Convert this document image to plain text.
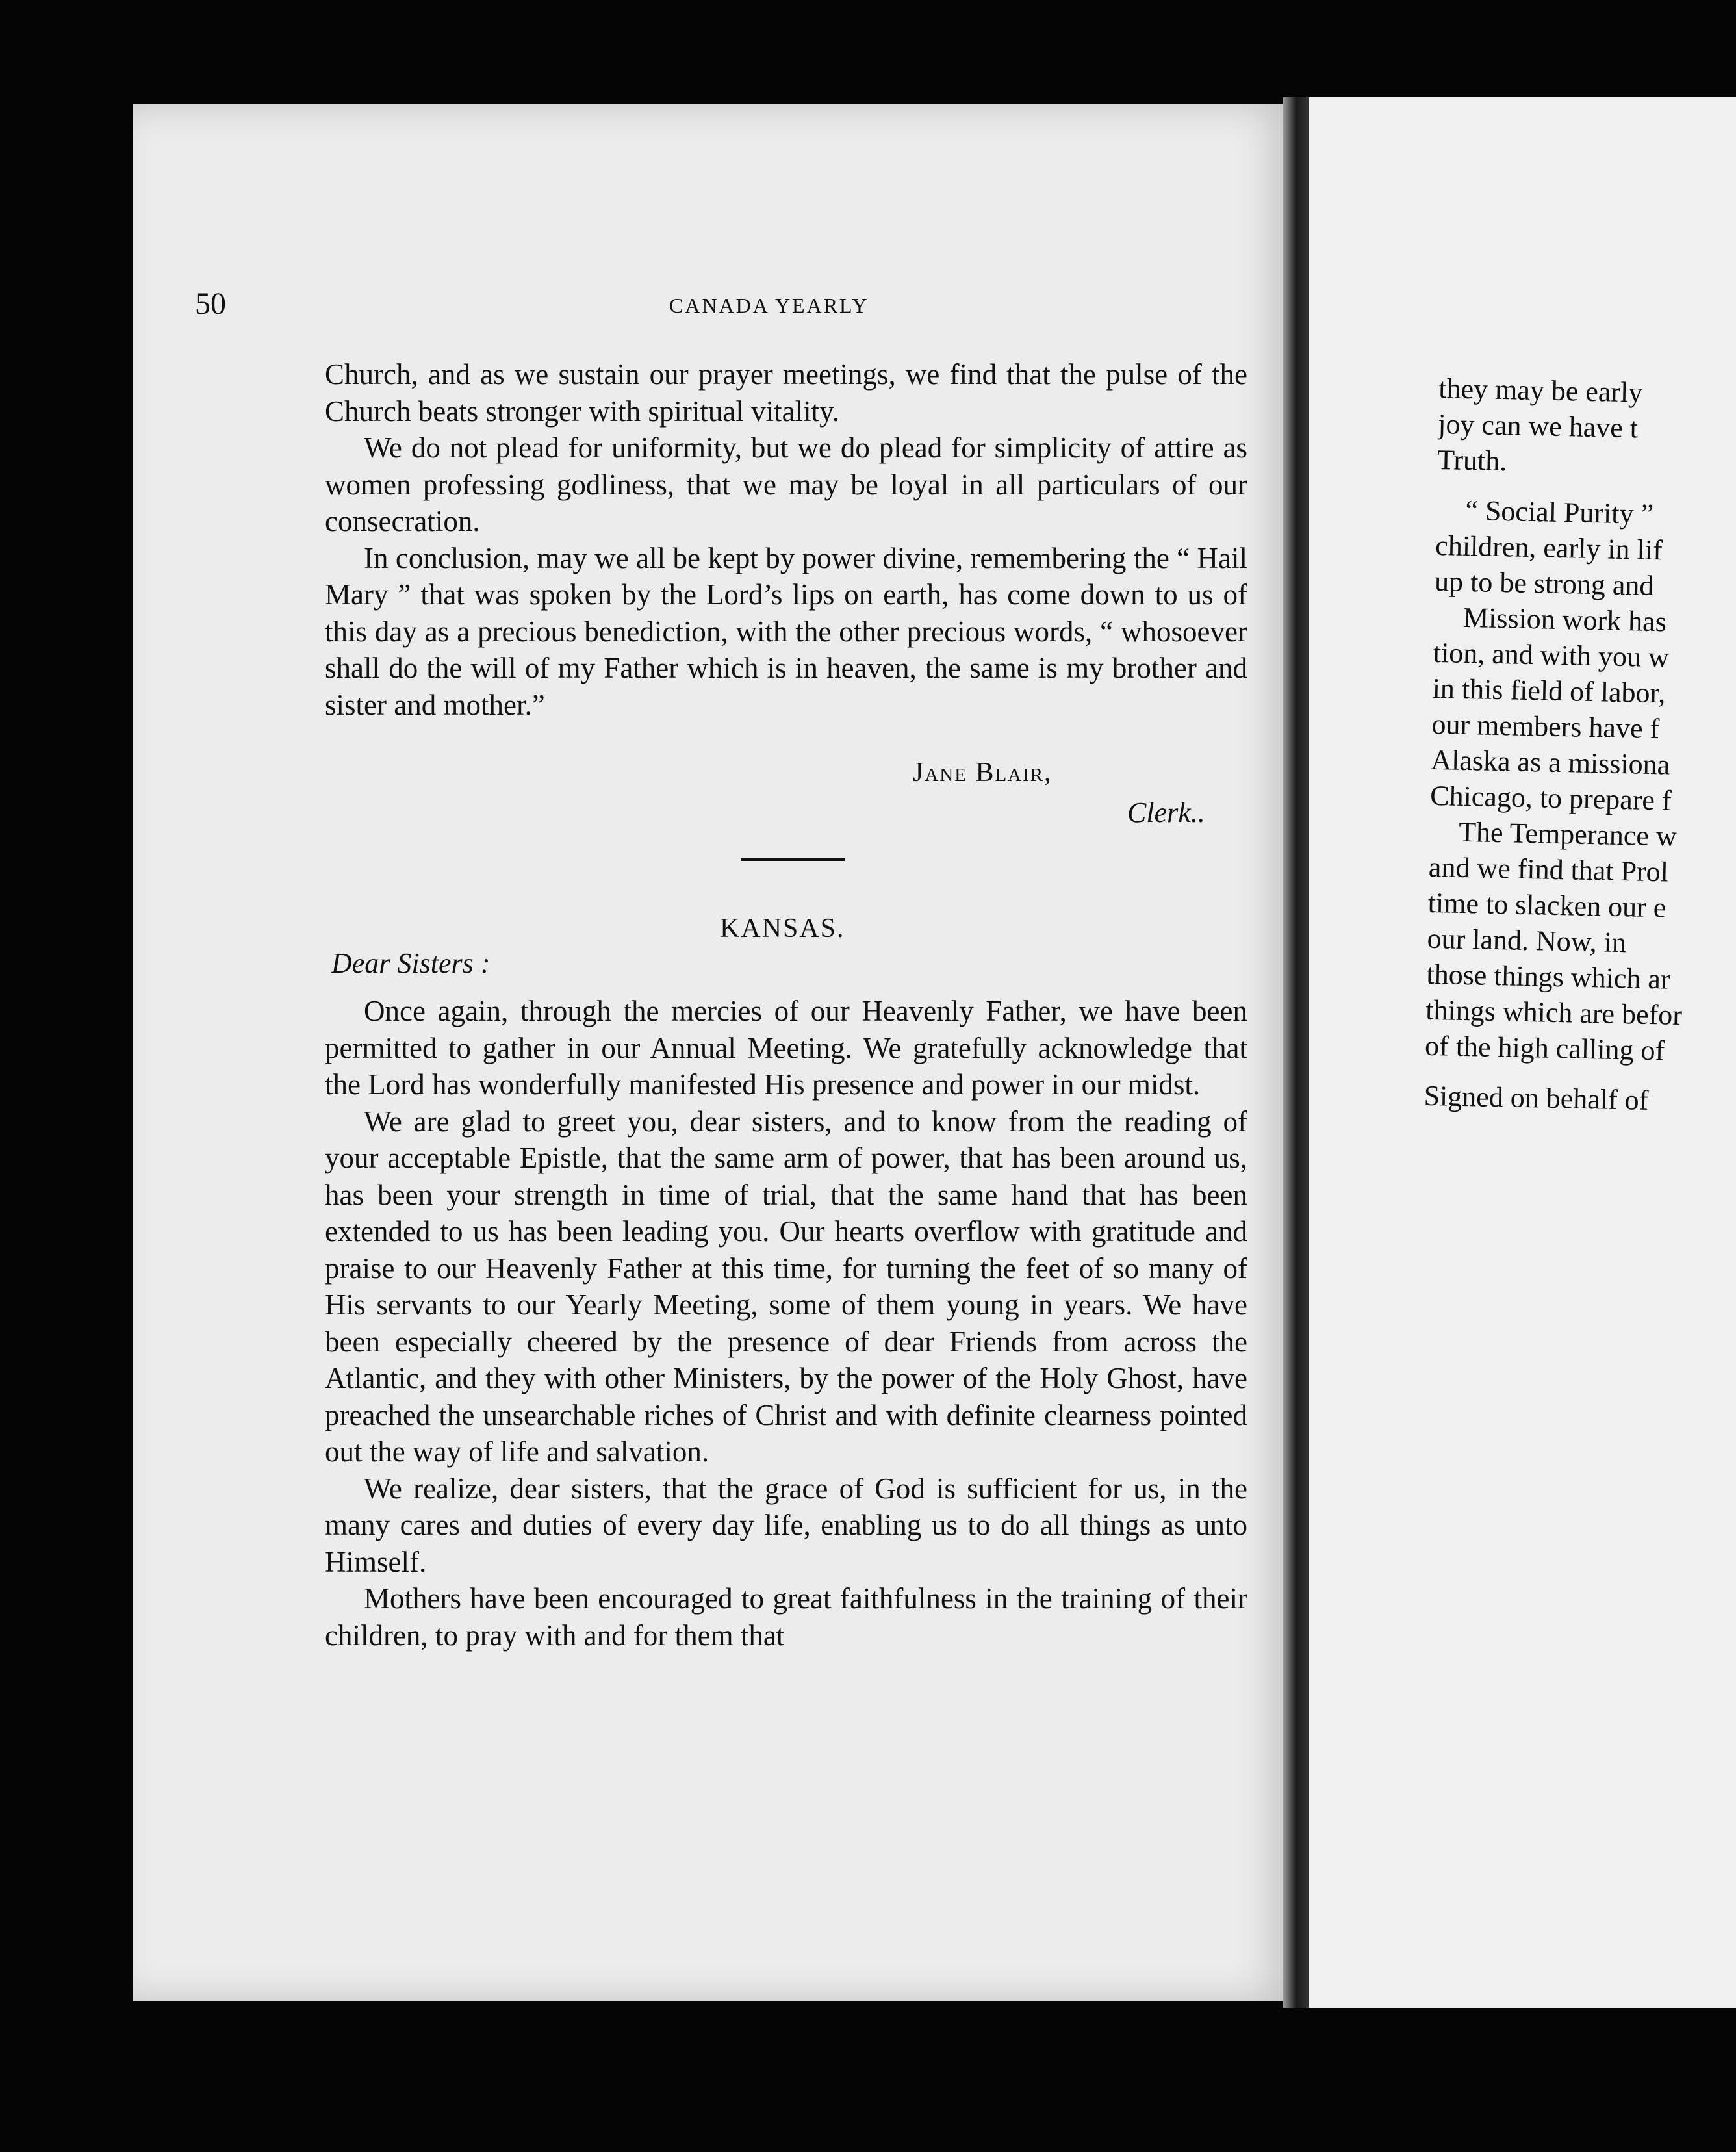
50	CANADA YEARLY

Church, and as we sustain our prayer meetings, we find that the pulse of the Church beats stronger with spiritual vitality.

We do not plead for uniformity, but we do plead for simplicity of attire as women professing godliness, that we may be loyal in all particulars of our consecration.

In conclusion, may we all be kept by power divine, remembering the “ Hail Mary ” that was spoken by the Lord’s lips on earth, has come down to us of this day as a precious benediction, with the other precious words, “ whosoever shall do the will of my Father which is in heaven, the same is my brother and sister and mother.”

Jane Blair,
Clerk..
KANSAS.
Dear Sisters :

Once again, through the mercies of our Heavenly Father, we have been permitted to gather in our Annual Meeting. We gratefully acknowledge that the Lord has wonderfully manifested His presence and power in our midst.

We are glad to greet you, dear sisters, and to know from the reading of your acceptable Epistle, that the same arm of power, that has been around us, has been your strength in time of trial, that the same hand that has been extended to us has been leading you. Our hearts overflow with gratitude and praise to our Heavenly Father at this time, for turning the feet of so many of His servants to our Yearly Meeting, some of them young in years. We have been especially cheered by the presence of dear Friends from across the Atlantic, and they with other Ministers, by the power of the Holy Ghost, have preached the unsearchable riches of Christ and with definite clearness pointed out the way of life and salvation.

We realize, dear sisters, that the grace of God is sufficient for us, in the many cares and duties of every day life, enabling us to do all things as unto Himself.

Mothers have been encouraged to great faithfulness in the training of their children, to pray with and for them that

they may be early
joy can we have t
Truth.
“ Social Purity ”
children, early in lif
up to be strong and
Mission work has
tion, and with you w
in this field of labor,
our members have f
Alaska as a missiona
Chicago, to prepare f
The Temperance w
and we find that Prol
time to slacken our e
our land. Now, in
those things which ar
things which are befor
of the high calling of
Signed on behalf of
